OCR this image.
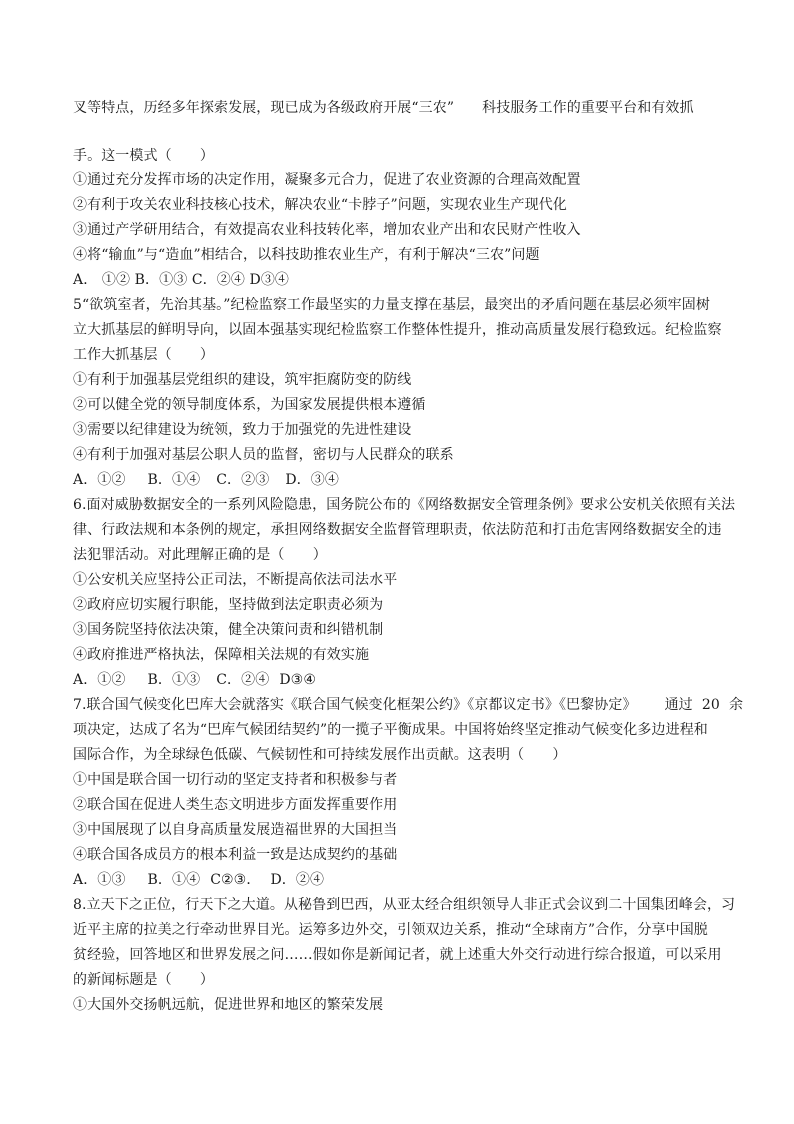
叉等特点，历经多年探索发展，现已成为各级政府开展“三农” 科技服务工作的重要平台和有效抓
手。这一模式（　　）
①通过充分发挥市场的决定作用，凝聚多元合力，促进了农业资源的合理高效配置
②有利于攻关农业科技核心技术，解决农业“卡脖子”问题，实现农业生产现代化
③通过产学研用结合，有效提高农业科技转化率，增加农业产出和农民财产性收入
④将“输血”与“造血”相结合，以科技助推农业生产，有利于解决“三农”问题
A． ①② B．①③ C．②④ D③④
5“欲筑室者，先治其基。”纪检监察工作最坚实的力量支撑在基层，最突出的矛盾问题在基层必须牢固树
立大抓基层的鲜明导向，以固本强基实现纪检监察工作整体性提升，推动高质量发展行稳致远。纪检监察
工作大抓基层（　　）
①有利于加强基层党组织的建设，筑牢拒腐防变的防线
②可以健全党的领导制度体系，为国家发展提供根本遵循
③需要以纪律建设为统领，致力于加强党的先进性建设
④有利于加强对基层公职人员的监督，密切与人民群众的联系
A．①② B．①④ C．②③ D．③④
6.面对威胁数据安全的一系列风险隐患，国务院公布的《网络数据安全管理条例》要求公安机关依照有关法
律、行政法规和本条例的规定，承担网络数据安全监督管理职责，依法防范和打击危害网络数据安全的违
法犯罪活动。对此理解正确的是（　　）
①公安机关应坚持公正司法，不断提高依法司法水平
②政府应切实履行职能，坚持做到法定职责必须为
③国务院坚持依法决策，健全决策问责和纠错机制
④政府推进严格执法，保障相关法规的有效实施
A．①② B．①③ C．②④ D③④
7.联合国气候变化巴库大会就落实《联合国气候变化框架公约》《京都议定书》《巴黎协定》 通过  20  余
项决定，达成了名为“巴库气候团结契约”的一揽子平衡成果。中国将始终坚定推动气候变化多边进程和
国际合作，为全球绿色低碳、气候韧性和可持续发展作出贡献。这表明（　　）
①中国是联合国一切行动的坚定支持者和积极参与者
②联合国在促进人类生态文明进步方面发挥重要作用
③中国展现了以自身高质量发展造福世界的大国担当
④联合国各成员方的根本利益一致是达成契约的基础
A．①③ B．①④ C②③． D．②④
8.立天下之正位，行天下之大道。从秘鲁到巴西，从亚太经合组织领导人非正式会议到二十国集团峰会，习
近平主席的拉美之行牵动世界目光。运筹多边外交，引领双边关系，推动“全球南方”合作，分享中国脱
贫经验，回答地区和世界发展之问……假如你是新闻记者，就上述重大外交行动进行综合报道，可以采用
的新闻标题是（　　）
①大国外交扬帆远航，促进世界和地区的繁荣发展
